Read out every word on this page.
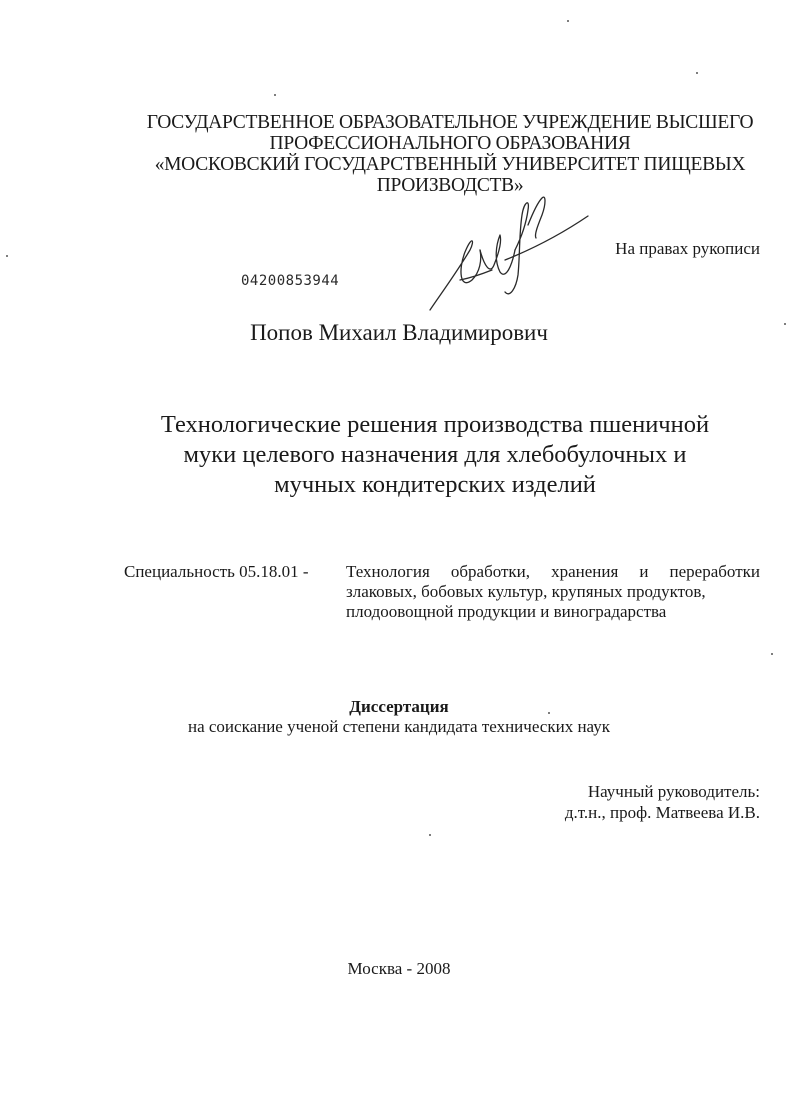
ГОСУДАРСТВЕННОЕ ОБРАЗОВАТЕЛЬНОЕ УЧРЕЖДЕНИЕ ВЫСШЕГО
ПРОФЕССИОНАЛЬНОГО ОБРАЗОВАНИЯ
«МОСКОВСКИЙ ГОСУДАРСТВЕННЫЙ УНИВЕРСИТЕТ ПИЩЕВЫХ
ПРОИЗВОДСТВ»
На правах рукописи
04200853944
Попов Михаил Владимирович
Технологические решения производства пшеничной
муки целевого назначения для хлебобулочных и
мучных кондитерских изделий
Специальность 05.18.01 - Технология обработки, хранения и переработки
злаковых, бобовых культур, крупяных продуктов,
плодоовощной продукции и виноградарства
Диссертация
на соискание ученой степени кандидата технических наук
Научный руководитель:
д.т.н., проф. Матвеева И.В.
Москва - 2008
